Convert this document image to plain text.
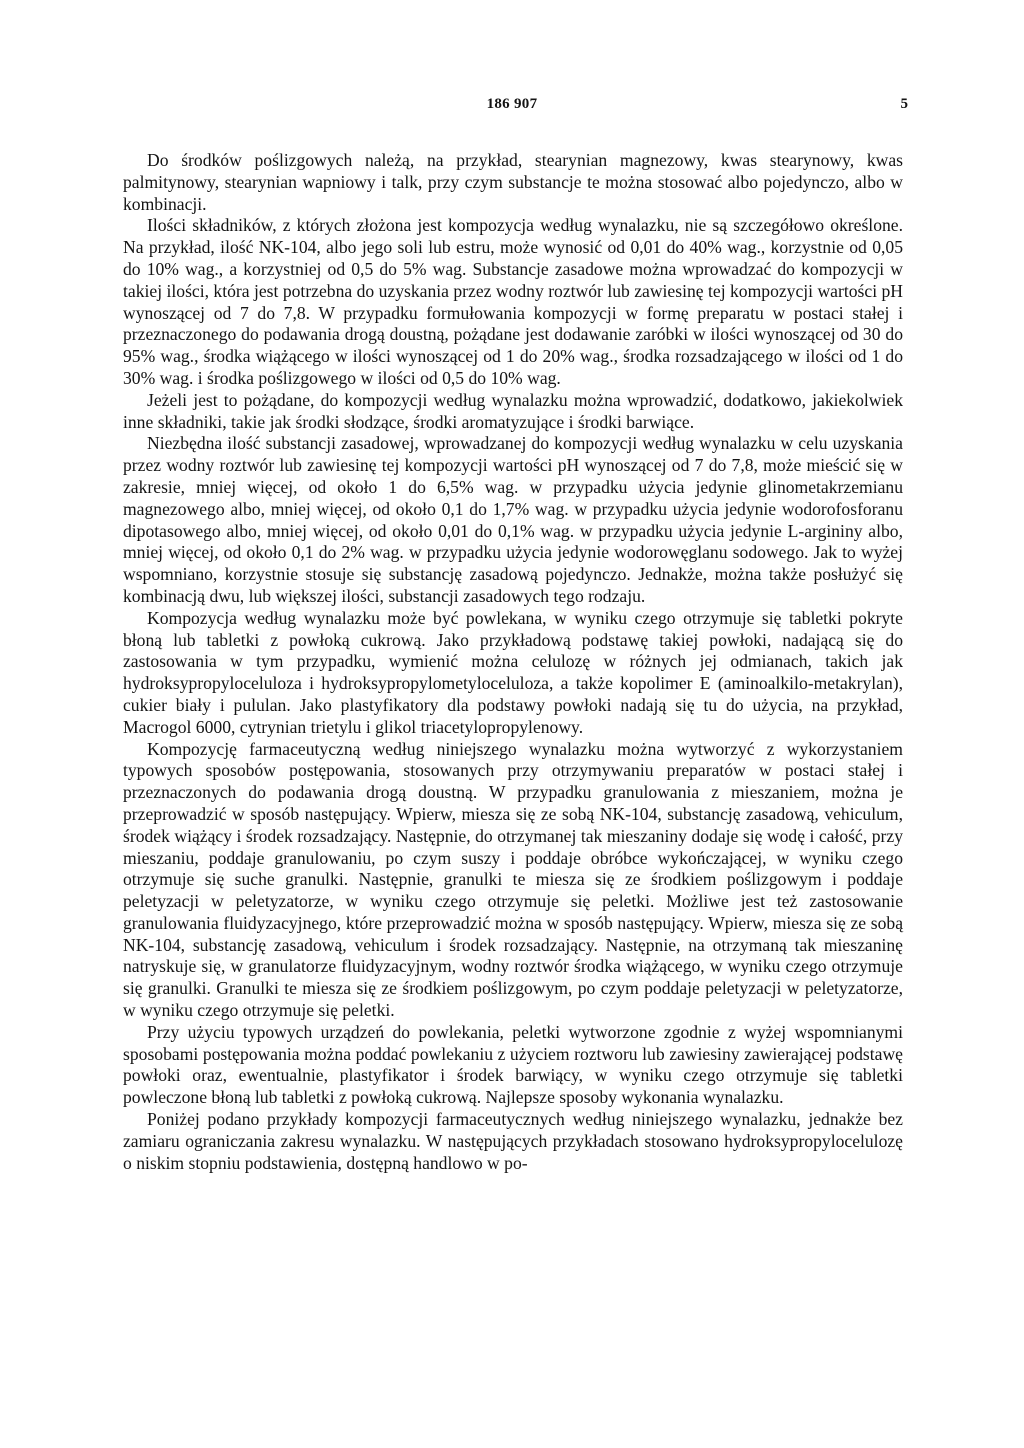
186 907	5

Do środków poślizgowych należą, na przykład, stearynian magnezowy, kwas stearynowy, kwas palmitynowy, stearynian wapniowy i talk, przy czym substancje te można stosować albo pojedynczo, albo w kombinacji.

Ilości składników, z których złożona jest kompozycja według wynalazku, nie są szczegółowo określone. Na przykład, ilość NK-104, albo jego soli lub estru, może wynosić od 0,01 do 40% wag., korzystnie od 0,05 do 10% wag., a korzystniej od 0,5 do 5% wag. Substancje zasadowe można wprowadzać do kompozycji w takiej ilości, która jest potrzebna do uzyskania przez wodny roztwór lub zawiesinę tej kompozycji wartości pH wynoszącej od 7 do 7,8. W przypadku formułowania kompozycji w formę preparatu w postaci stałej i przeznaczonego do podawania drogą doustną, pożądane jest dodawanie zaróbki w ilości wynoszącej od 30 do 95% wag., środka wiążącego w ilości wynoszącej od 1 do 20% wag., środka rozsadzającego w ilości od 1 do 30% wag. i środka poślizgowego w ilości od 0,5 do 10% wag.

Jeżeli jest to pożądane, do kompozycji według wynalazku można wprowadzić, dodatkowo, jakiekolwiek inne składniki, takie jak środki słodzące, środki aromatyzujące i środki barwiące.

Niezbędna ilość substancji zasadowej, wprowadzanej do kompozycji według wynalazku w celu uzyskania przez wodny roztwór lub zawiesinę tej kompozycji wartości pH wynoszącej od 7 do 7,8, może mieścić się w zakresie, mniej więcej, od około 1 do 6,5% wag. w przypadku użycia jedynie glinometakrzemianu magnezowego albo, mniej więcej, od około 0,1 do 1,7% wag. w przypadku użycia jedynie wodorofosforanu dipotasowego albo, mniej więcej, od około 0,01 do 0,1% wag. w przypadku użycia jedynie L-argininy albo, mniej więcej, od około 0,1 do 2% wag. w przypadku użycia jedynie wodorowęglanu sodowego. Jak to wyżej wspomniano, korzystnie stosuje się substancję zasadową pojedynczo. Jednakże, można także posłużyć się kombinacją dwu, lub większej ilości, substancji zasadowych tego rodzaju.

Kompozycja według wynalazku może być powlekana, w wyniku czego otrzymuje się tabletki pokryte błoną lub tabletki z powłoką cukrową. Jako przykładową podstawę takiej powłoki, nadającą się do zastosowania w tym przypadku, wymienić można celulozę w różnych jej odmianach, takich jak hydroksypropyloceluloza i hydroksypropylometyloceluloza, a także kopolimer E (aminoalkilo-metakrylan), cukier biały i pululan. Jako plastyfikatory dla podstawy powłoki nadają się tu do użycia, na przykład, Macrogol 6000, cytrynian trietylu i glikol triacetylopropylenowy.

Kompozycję farmaceutyczną według niniejszego wynalazku można wytworzyć z wykorzystaniem typowych sposobów postępowania, stosowanych przy otrzymywaniu preparatów w postaci stałej i przeznaczonych do podawania drogą doustną. W przypadku granulowania z mieszaniem, można je przeprowadzić w sposób następujący. Wpierw, miesza się ze sobą NK-104, substancję zasadową, vehiculum, środek wiążący i środek rozsadzający. Następnie, do otrzymanej tak mieszaniny dodaje się wodę i całość, przy mieszaniu, poddaje granulowaniu, po czym suszy i poddaje obróbce wykończającej, w wyniku czego otrzymuje się suche granulki. Następnie, granulki te miesza się ze środkiem poślizgowym i poddaje peletyzacji w peletyzatorze, w wyniku czego otrzymuje się peletki. Możliwe jest też zastosowanie granulowania fluidyzacyjnego, które przeprowadzić można w sposób następujący. Wpierw, miesza się ze sobą NK-104, substancję zasadową, vehiculum i środek rozsadzający. Następnie, na otrzymaną tak mieszaninę natryskuje się, w granulatorze fluidyzacyjnym, wodny roztwór środka wiążącego, w wyniku czego otrzymuje się granulki. Granulki te miesza się ze środkiem poślizgowym, po czym poddaje peletyzacji w peletyzatorze, w wyniku czego otrzymuje się peletki.

Przy użyciu typowych urządzeń do powlekania, peletki wytworzone zgodnie z wyżej wspomnianymi sposobami postępowania można poddać powlekaniu z użyciem roztworu lub zawiesiny zawierającej podstawę powłoki oraz, ewentualnie, plastyfikator i środek barwiący, w wyniku czego otrzymuje się tabletki powleczone błoną lub tabletki z powłoką cukrową. Najlepsze sposoby wykonania wynalazku.

Poniżej podano przykłady kompozycji farmaceutycznych według niniejszego wynalazku, jednakże bez zamiaru ograniczania zakresu wynalazku. W następujących przykładach stosowano hydroksypropylocelulozę o niskim stopniu podstawienia, dostępną handlowo w po-
